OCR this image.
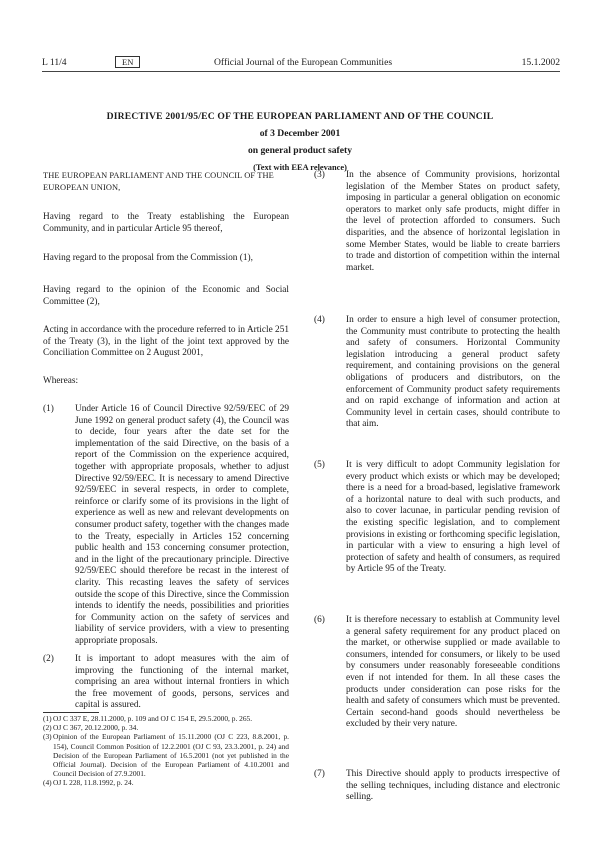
L 11/4	EN	Official Journal of the European Communities	15.1.2002
DIRECTIVE 2001/95/EC OF THE EUROPEAN PARLIAMENT AND OF THE COUNCIL
of 3 December 2001
on general product safety
(Text with EEA relevance)

THE EUROPEAN PARLIAMENT AND THE COUNCIL OF THE EUROPEAN UNION,

Having regard to the Treaty establishing the European Community, and in particular Article 95 thereof,

Having regard to the proposal from the Commission (1),

Having regard to the opinion of the Economic and Social Committee (2),

Acting in accordance with the procedure referred to in Article 251 of the Treaty (3), in the light of the joint text approved by the Conciliation Committee on 2 August 2001,

Whereas:

(1) Under Article 16 of Council Directive 92/59/EEC of 29 June 1992 on general product safety (4), the Council was to decide, four years after the date set for the implementation of the said Directive, on the basis of a report of the Commission on the experience acquired, together with appropriate proposals, whether to adjust Directive 92/59/EEC. It is necessary to amend Directive 92/59/EEC in several respects, in order to complete, reinforce or clarify some of its provisions in the light of experience as well as new and relevant developments on consumer product safety, together with the changes made to the Treaty, especially in Articles 152 concerning public health and 153 concerning consumer protection, and in the light of the precautionary principle. Directive 92/59/EEC should therefore be recast in the interest of clarity. This recasting leaves the safety of services outside the scope of this Directive, since the Commission intends to identify the needs, possibilities and priorities for Community action on the safety of services and liability of service providers, with a view to presenting appropriate proposals.
(2) It is important to adopt measures with the aim of improving the functioning of the internal market, comprising an area without internal frontiers in which the free movement of goods, persons, services and capital is assured.
(1) OJ C 337 E, 28.11.2000, p. 109 and OJ C 154 E, 29.5.2000, p. 265.
(2) OJ C 367, 20.12.2000, p. 34.
(3) Opinion of the European Parliament of 15.11.2000 (OJ C 223, 8.8.2001, p. 154), Council Common Position of 12.2.2001 (OJ C 93, 23.3.2001, p. 24) and Decision of the European Parliament of 16.5.2001 (not yet published in the Official Journal). Decision of the European Parliament of 4.10.2001 and Council Decision of 27.9.2001.
(4) OJ L 228, 11.8.1992, p. 24.
(3) In the absence of Community provisions, horizontal legislation of the Member States on product safety, imposing in particular a general obligation on economic operators to market only safe products, might differ in the level of protection afforded to consumers. Such disparities, and the absence of horizontal legislation in some Member States, would be liable to create barriers to trade and distortion of competition within the internal market.
(4) In order to ensure a high level of consumer protection, the Community must contribute to protecting the health and safety of consumers. Horizontal Community legislation introducing a general product safety requirement, and containing provisions on the general obligations of producers and distributors, on the enforcement of Community product safety requirements and on rapid exchange of information and action at Community level in certain cases, should contribute to that aim.
(5) It is very difficult to adopt Community legislation for every product which exists or which may be developed; there is a need for a broad-based, legislative framework of a horizontal nature to deal with such products, and also to cover lacunae, in particular pending revision of the existing specific legislation, and to complement provisions in existing or forthcoming specific legislation, in particular with a view to ensuring a high level of protection of safety and health of consumers, as required by Article 95 of the Treaty.
(6) It is therefore necessary to establish at Community level a general safety requirement for any product placed on the market, or otherwise supplied or made available to consumers, intended for consumers, or likely to be used by consumers under reasonably foreseeable conditions even if not intended for them. In all these cases the products under consideration can pose risks for the health and safety of consumers which must be prevented. Certain second-hand goods should nevertheless be excluded by their very nature.
(7) This Directive should apply to products irrespective of the selling techniques, including distance and electronic selling.
